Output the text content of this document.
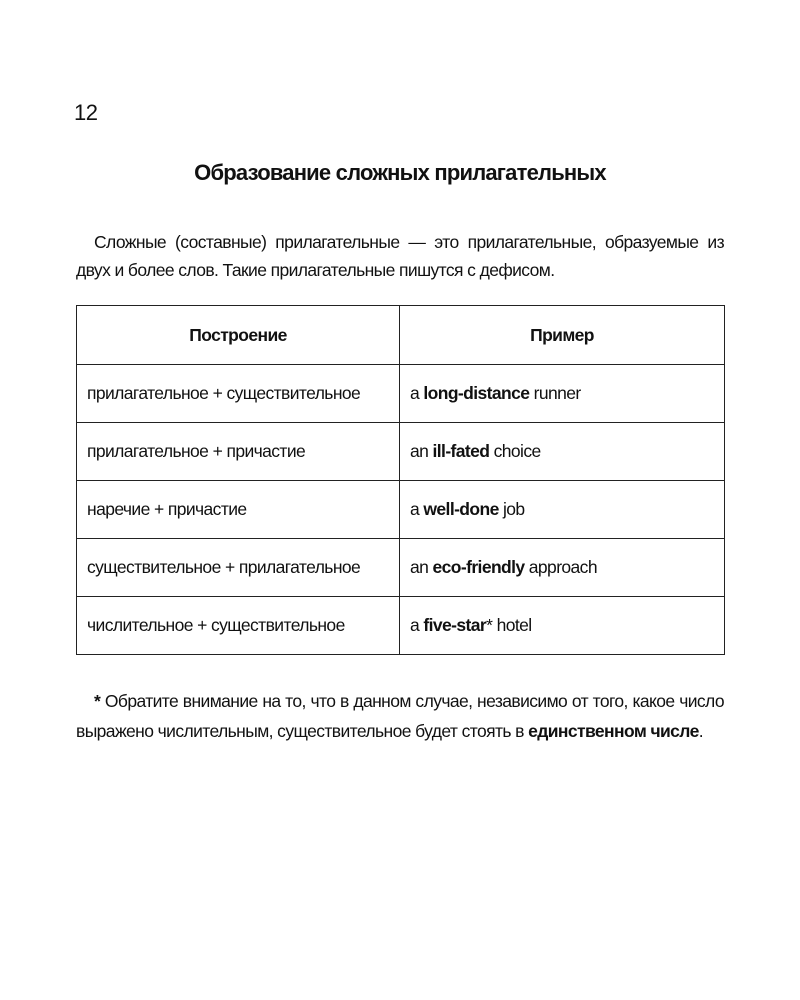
12
Образование сложных прилагательных
Сложные (составные) прилагательные — это прилагательные, образуемые из двух и более слов. Такие прилагательные пишутся с дефисом.
Построение	Пример
прилагательное + существительное	a long-distance runner
прилагательное + причастие	an ill-fated choice
наречие + причастие	a well-done job
существительное + прилагательное	an eco-friendly approach
числительное + существительное	a five-star* hotel
* Обратите внимание на то, что в данном случае, независимо от того, какое число выражено числительным, существительное будет стоять в единственном числе.
